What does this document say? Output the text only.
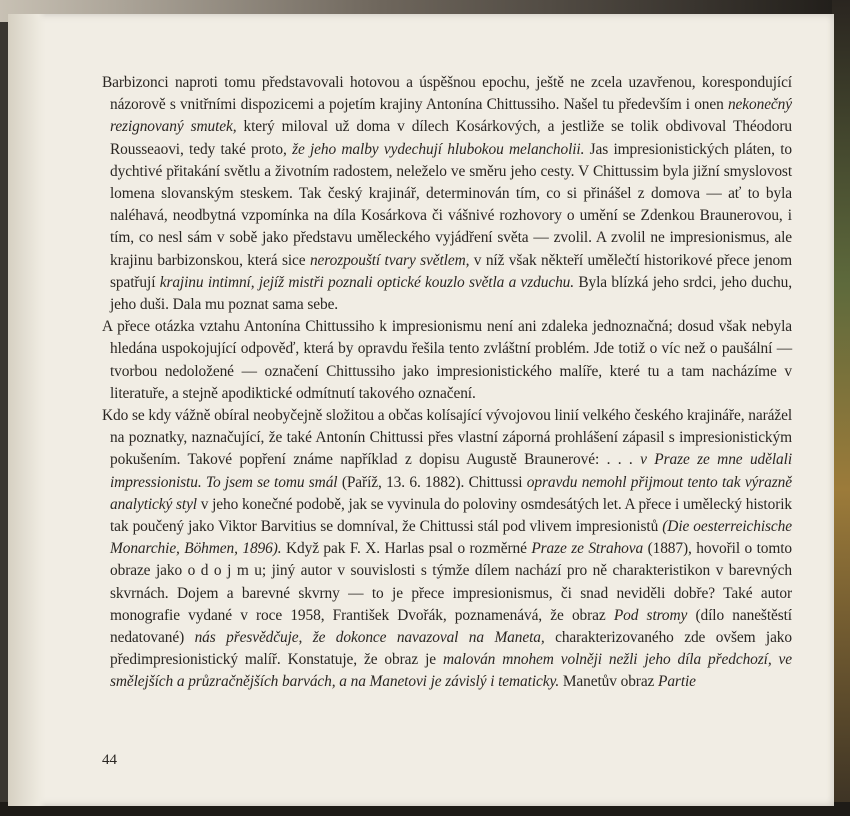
Barbizonci naproti tomu představovali hotovou a úspěšnou epochu, ještě ne zcela uzavřenou, korespondující názorově s vnitřními dispozicemi a pojetím krajiny Antonína Chittussiho. Našel tu především i onen nekonečný rezignovaný smutek, který miloval už doma v dílech Kosárkových, a jestliže se tolik obdivoval Théodoru Rousseaovi, tedy také proto, že jeho malby vydechují hlubokou melancholii. Jas impresionistických pláten, to dychtivé přitakání světlu a životním radostem, neleželo ve směru jeho cesty. V Chittussim byla jižní smyslovost lomena slovanským steskem. Tak český krajinář, determinován tím, co si přinášel z domova — ať to byla naléhavá, neodbytná vzpomínka na díla Kosárkova či vášnivé rozhovory o umění se Zdenkou Braunerovou, i tím, co nesl sám v sobě jako představu uměleckého vyjádření světa — zvolil. A zvolil ne impresionismus, ale krajinu barbizonskou, která sice nerozpouští tvary světlem, v níž však někteří umělečtí historikové přece jenom spatřují krajinu intimní, jejíž mistři poznali optické kouzlo světla a vzduchu. Byla blízká jeho srdci, jeho duchu, jeho duši. Dala mu poznat sama sebe.

A přece otázka vztahu Antonína Chittussiho k impresionismu není ani zdaleka jednoznačná; dosud však nebyla hledána uspokojující odpověď, která by opravdu řešila tento zvláštní problém. Jde totiž o víc než o paušální — tvorbou nedoložené — označení Chittussiho jako impresionistického malíře, které tu a tam nacházíme v literatuře, a stejně apodiktické odmítnutí takového označení.

Kdo se kdy vážně obíral neobyčejně složitou a občas kolísající vývojovou linií velkého českého krajináře, narážel na poznatky, naznačující, že také Antonín Chittussi přes vlastní záporná prohlášení zápasil s impresionistickým pokušením. Takové popření známe například z dopisu Augustě Braunerové: . . . v Praze ze mne udělali impressionistu. To jsem se tomu smál (Paříž, 13. 6. 1882). Chittussi opravdu nemohl přijmout tento tak výrazně analytický styl v jeho konečné podobě, jak se vyvinula do poloviny osmdesátých let. A přece i umělecký historik tak poučený jako Viktor Barvitius se domníval, že Chittussi stál pod vlivem impresionistů (Die oesterreichische Monarchie, Böhmen, 1896). Když pak F. X. Harlas psal o rozměrné Praze ze Strahova (1887), hovořil o tomto obraze jako o d o j m u; jiný autor v souvislosti s týmže dílem nachází pro ně charakteristikon v barevných skvrnách. Dojem a barevné skvrny — to je přece impresionismus, či snad neviděli dobře? Také autor monografie vydané v roce 1958, František Dvořák, poznamenává, že obraz Pod stromy (dílo naneštěstí nedatované) nás přesvědčuje, že dokonce navazoval na Maneta, charakterizovaného zde ovšem jako předimpresionistický malíř. Konstatuje, že obraz je malován mnohem volněji nežli jeho díla předchozí, ve smělejších a průzračnějších barvách, a na Manetovi je závislý i tematicky. Manetův obraz Partie

44
